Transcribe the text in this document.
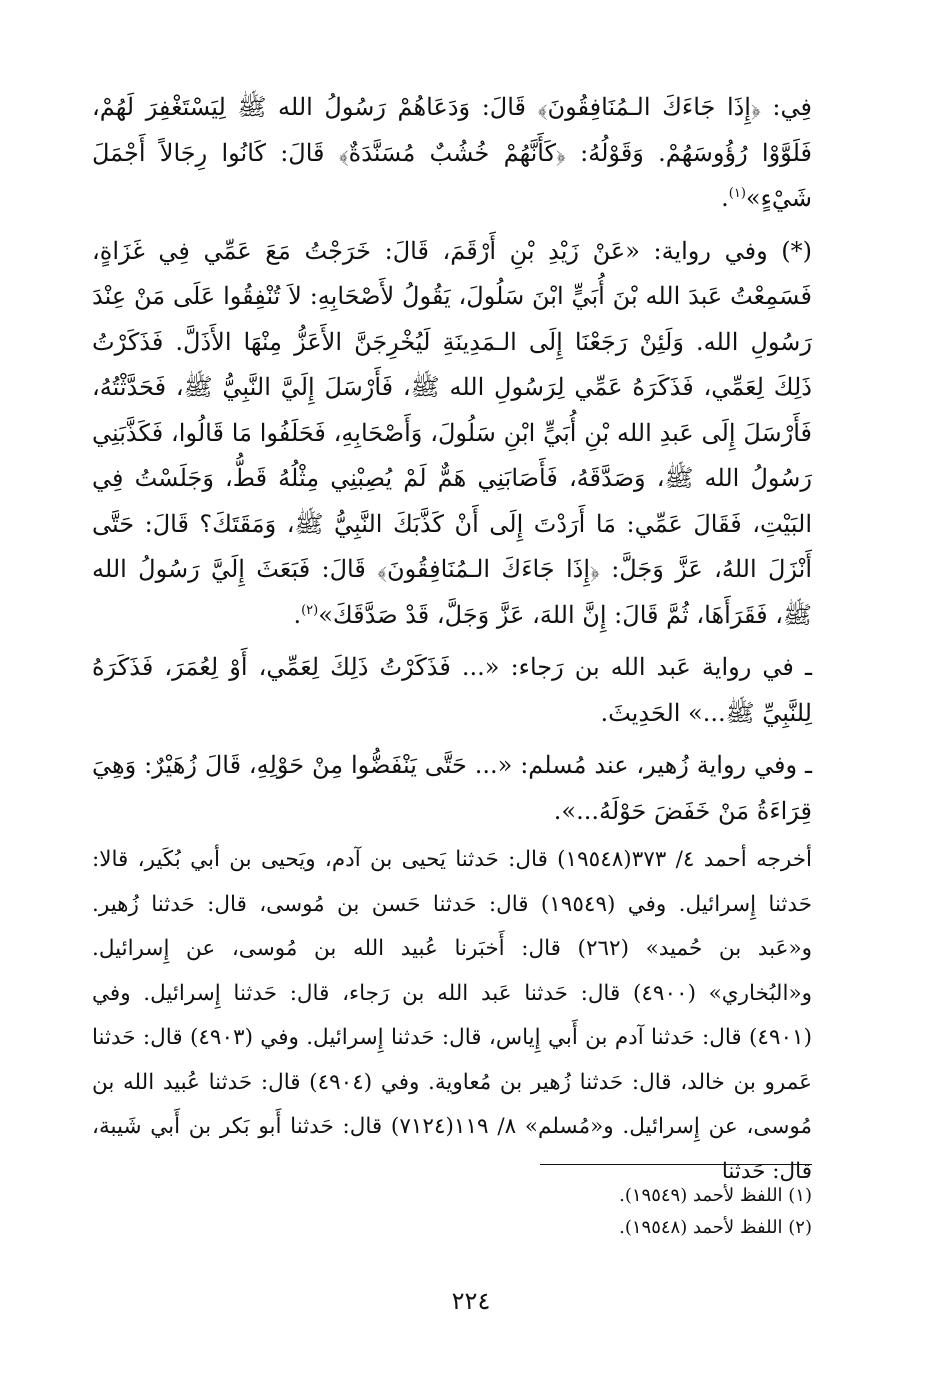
فِي: ﴿إِذَا جَاءَكَ الـمُنَافِقُونَ﴾ قَالَ: وَدَعَاهُمْ رَسُولُ الله ﷺ لِيَسْتَغْفِرَ لَهُمْ، فَلَوَّوْا رُؤُوسَهُمْ. وَقَوْلُهُ: ﴿كَأَنَّهُمْ خُشُبٌ مُسَنَّدَةٌ﴾ قَالَ: كَانُوا رِجَالاً أَجْمَلَ شَيْءٍ»$^{(١)}$.

(*) وفي رواية: «عَنْ زَيْدِ بْنِ أَرْقَمَ، قَالَ: خَرَجْتُ مَعَ عَمِّي فِي غَزَاةٍ، فَسَمِعْتُ عَبدَ الله بْنَ أُبَيٍّ ابْنَ سَلُولَ، يَقُولُ لأَصْحَابِهِ: لاَ تُنْفِقُوا عَلَى مَنْ عِنْدَ رَسُولِ الله. وَلَئِنْ رَجَعْنَا إِلَى الـمَدِينَةِ لَيُخْرِجَنَّ الأَعَزُّ مِنْهَا الأَذَلَّ. فَذَكَرْتُ ذَلِكَ لِعَمِّي، فَذَكَرَهُ عَمِّي لِرَسُولِ الله ﷺ، فَأَرْسَلَ إِلَيَّ النَّبِيُّ ﷺ، فَحَدَّثْتُهُ، فَأَرْسَلَ إِلَى عَبدِ الله بْنِ أُبَيٍّ ابْنِ سَلُولَ، وَأَصْحَابِهِ، فَحَلَفُوا مَا قَالُوا، فَكَذَّبَنِي رَسُولُ الله ﷺ، وَصَدَّقَهُ، فَأَصَابَنِي هَمٌّ لَمْ يُصِبْنِي مِثْلُهُ قَطُّ، وَجَلَسْتُ فِي البَيْتِ، فَقَالَ عَمِّي: مَا أَرَدْتَ إِلَى أَنْ كَذَّبَكَ النَّبِيُّ ﷺ، وَمَقَتَكَ؟ قَالَ: حَتَّى أَنْزَلَ اللهُ، عَزَّ وَجَلَّ: ﴿إِذَا جَاءَكَ الـمُنَافِقُونَ﴾ قَالَ: فَبَعَثَ إِلَيَّ رَسُولُ الله ﷺ، فَقَرَأَهَا، ثُمَّ قَالَ: إِنَّ اللهَ، عَزَّ وَجَلَّ، قَدْ صَدَّقَكَ»$^{(٢)}$.

ـ في رواية عَبد الله بن رَجاء: «... فَذَكَرْتُ ذَلِكَ لِعَمِّي، أَوْ لِعُمَرَ، فَذَكَرَهُ لِلنَّبِيِّ ﷺ...» الحَدِيثَ.

ـ وفي رواية زُهير، عند مُسلم: «... حَتَّى يَنْفَضُّوا مِنْ حَوْلِهِ، قَالَ زُهَيْرٌ: وَهِيَ قِرَاءَةُ مَنْ خَفَضَ حَوْلَهُ...».

أخرجه أحمد ٤/ ٣٧٣(١٩٥٤٨) قال: حَدثنا يَحيى بن آدم، ويَحيى بن أبي بُكَير، قالا: حَدثنا إِسرائيل. وفي (١٩٥٤٩) قال: حَدثنا حَسن بن مُوسى، قال: حَدثنا زُهير. و«عَبد بن حُميد» (٢٦٢) قال: أَخبَرنا عُبيد الله بن مُوسى، عن إِسرائيل. و«البُخاري» (٤٩٠٠) قال: حَدثنا عَبد الله بن رَجاء، قال: حَدثنا إِسرائيل. وفي (٤٩٠١) قال: حَدثنا آدم بن أَبي إِياس، قال: حَدثنا إِسرائيل. وفي (٤٩٠٣) قال: حَدثنا عَمرو بن خالد، قال: حَدثنا زُهير بن مُعاوية. وفي (٤٩٠٤) قال: حَدثنا عُبيد الله بن مُوسى، عن إِسرائيل. و«مُسلم» ٨/ ١١٩(٧١٢٤) قال: حَدثنا أَبو بَكر بن أَبي شَيبة، قال: حَدثنا

(١) اللفظ لأحمد (١٩٥٤٩).
(٢) اللفظ لأحمد (١٩٥٤٨).
٢٢٤
